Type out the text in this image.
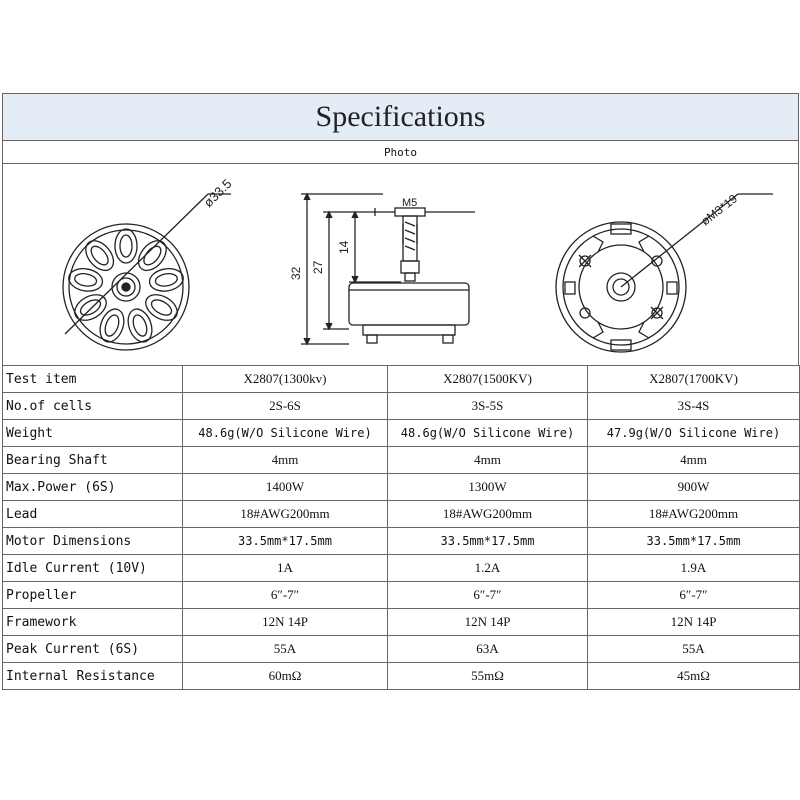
Specifications
Photo
ø33.5	M5
32 27
14
øM3*19
Test item	X2807(1300kv)	X2807(1500KV)	X2807(1700KV)
No.of cells	2S-6S	3S-5S	3S-4S
Weight	48.6g(W/O Silicone Wire)	48.6g(W/O Silicone Wire)	47.9g(W/O Silicone Wire)
Bearing Shaft	4mm	4mm	4mm
Max.Power (6S)	1400W	1300W	900W
Lead	18#AWG200mm	18#AWG200mm	18#AWG200mm
Motor Dimensions	33.5mm*17.5mm	33.5mm*17.5mm	33.5mm*17.5mm
Idle Current (10V)	1A	1.2A	1.9A
Propeller	6″-7″	6″-7″	6″-7″
Framework	12N 14P	12N 14P	12N 14P
Peak Current (6S)	55A	63A	55A
Internal Resistance	60mΩ	55mΩ	45mΩ
